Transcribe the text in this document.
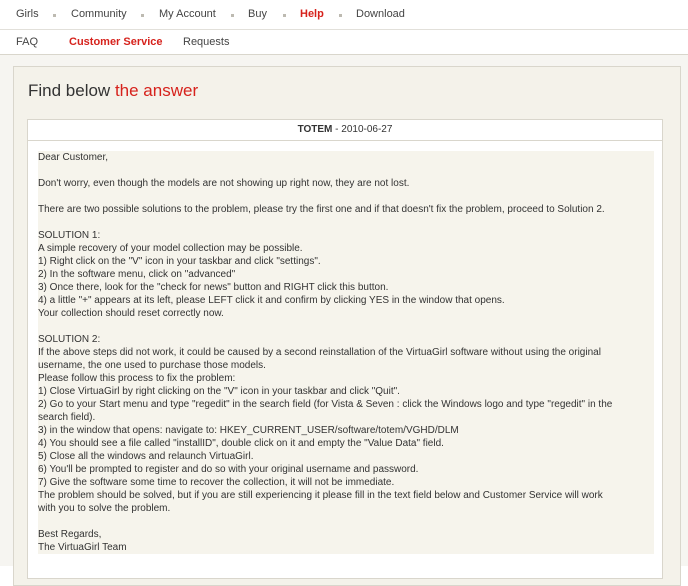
Girls	Community	My Account	Buy	Help	Download
FAQ	Customer Service Requests
Find below the answer
TOTEM - 2010-06-27

Dear Customer,

Don't worry, even though the models are not showing up right now, they are not lost.

There are two possible solutions to the problem, please try the first one and if that doesn't fix the problem, proceed to Solution 2.

SOLUTION 1:

A simple recovery of your model collection may be possible.

1) Right click on the "V" icon in your taskbar and click "settings".

2) In the software menu, click on "advanced"

3) Once there, look for the "check for news" button and RIGHT click this button.

4) a little "+" appears at its left, please LEFT click it and confirm by clicking YES in the window that opens.

Your collection should reset correctly now.

SOLUTION 2:

If the above steps did not work, it could be caused by a second reinstallation of the VirtuaGirl software without using the original

username, the one used to purchase those models.

Please follow this process to fix the problem:

1) Close VirtuaGirl by right clicking on the "V" icon in your taskbar and click "Quit".

2) Go to your Start menu and type "regedit" in the search field (for Vista & Seven : click the Windows logo and type "regedit" in the

search field).

3) in the window that opens: navigate to: HKEY_CURRENT_USER/software/totem/VGHD/DLM

4) You should see a file called "installID", double click on it and empty the "Value Data" field.

5) Close all the windows and relaunch VirtuaGirl.

6) You'll be prompted to register and do so with your original username and password.

7) Give the software some time to recover the collection, it will not be immediate.

The problem should be solved, but if you are still experiencing it please fill in the text field below and Customer Service will work

with you to solve the problem.

Best Regards,

The VirtuaGirl Team
